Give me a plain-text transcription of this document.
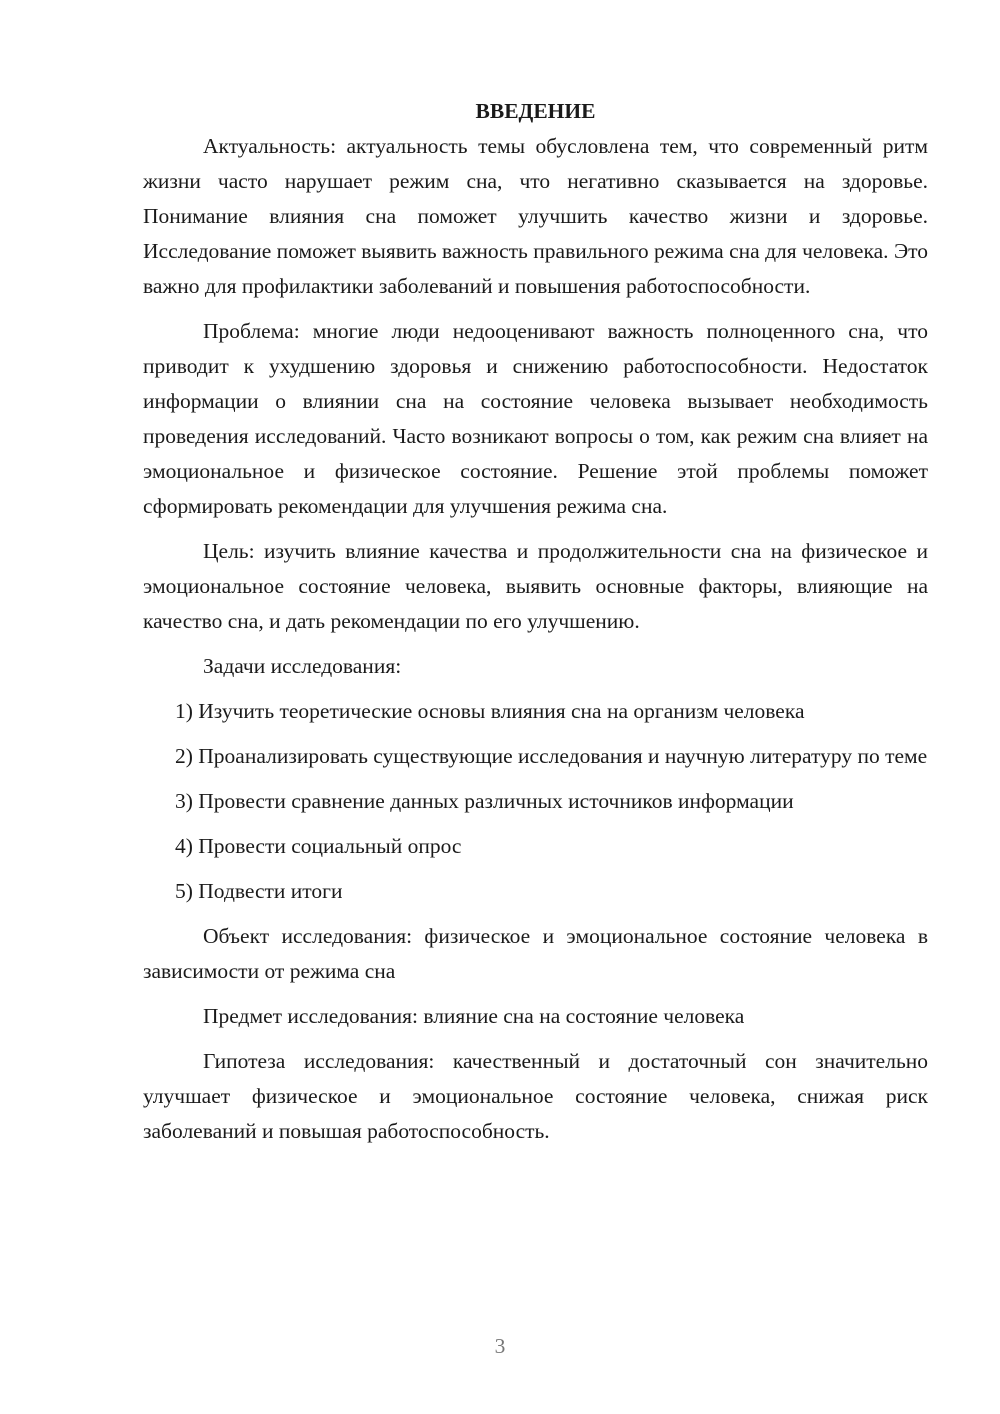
ВВЕДЕНИЕ

Актуальность: актуальность темы обусловлена тем, что современный ритм жизни часто нарушает режим сна, что негативно сказывается на здоровье. Понимание влияния сна поможет улучшить качество жизни и здоровье. Исследование поможет выявить важность правильного режима сна для человека. Это важно для профилактики заболеваний и повышения работоспособности.

Проблема: многие люди недооценивают важность полноценного сна, что приводит к ухудшению здоровья и снижению работоспособности. Недостаток информации о влиянии сна на состояние человека вызывает необходимость проведения исследований. Часто возникают вопросы о том, как режим сна влияет на эмоциональное и физическое состояние. Решение этой проблемы поможет сформировать рекомендации для улучшения режима сна.

Цель: изучить влияние качества и продолжительности сна на физическое и эмоциональное состояние человека, выявить основные факторы, влияющие на качество сна, и дать рекомендации по его улучшению.

Задачи исследования:

1) Изучить теоретические основы влияния сна на организм человека

2) Проанализировать существующие исследования и научную литературу по теме

3) Провести сравнение данных различных источников информации

4) Провести социальный опрос

5) Подвести итоги

Объект исследования: физическое и эмоциональное состояние человека в зависимости от режима сна

Предмет исследования: влияние сна на состояние человека

Гипотеза исследования: качественный и достаточный сон значительно улучшает физическое и эмоциональное состояние человека, снижая риск заболеваний и повышая работоспособность.

3
